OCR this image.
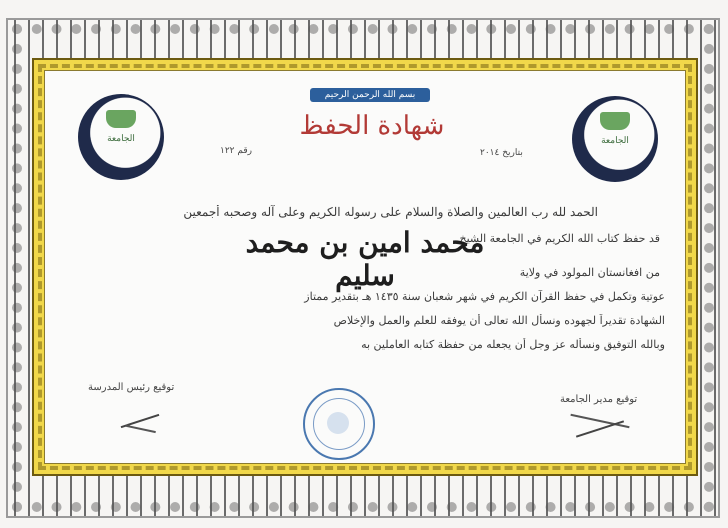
الجامعة	الجامعة
بسم الله الرحمن الرحيم
شهادة الحفظ
رقم ١٢٢	بتاريخ ٢٠١٤
الحمد لله رب العالمين والصلاة والسلام على رسوله الكريم وعلى آله وصحبه أجمعين
قد حفظ كتاب الله الكريم في الجامعة الشيخ
محمد امين بن محمد سليم	من افغانستان المولود في ولاية
عوتية وتكمل في حفظ القرآن الكريم في شهر شعبان سنة ١٤٣٥ هـ بتقدير ممتاز
الشهادة تقديراً لجهوده ونسأل الله تعالى أن يوفقه للعلم والعمل والإخلاص
وبالله التوفيق ونسأله عز وجل أن يجعله من حفظة كتابه العاملين به
توقيع رئيس المدرسة
توقيع مدير الجامعة
